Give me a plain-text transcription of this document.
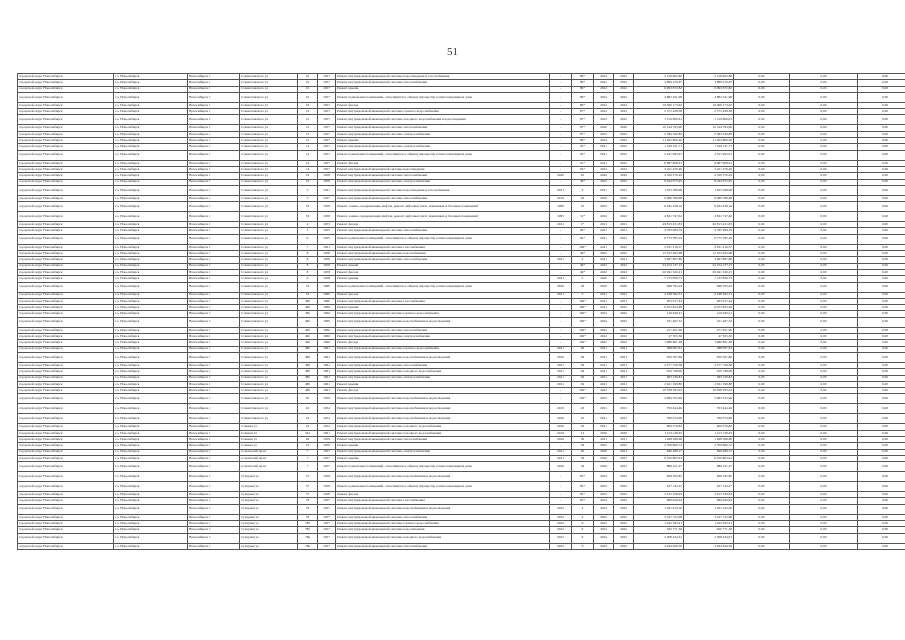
51
городской округ Новосибирск	г.о. Новосибирск	Новосибирск г	Станиславского ул	10	1957	Ремонт внутридомовой инженерной системы водоотведения и газоснабжения	-	89*	2022	2022	2 158 602,86	2 158 602,86	0,00	0,00	0,00
городской округ Новосибирск	г.о. Новосибирск	Новосибирск г	Станиславского ул	10	1957	Ремонт внутридомовой инженерной системы теплоснабжения	-	89*	2022	2022	3 899 276,67	3 899 276,67	0,00	0,00	0,00
городской округ Новосибирск	г.о. Новосибирск	Новосибирск г	Станиславского ул	10	1957	Ремонт крыши	-	89*	2022	2022	6 993 672,82	6 993 672,82	0,00	0,00	0,00
городской округ Новосибирск	г.о. Новосибирск	Новосибирск г	Станиславского ул	10	1957	Ремонт подвальных помещений, относящихся к общему имуществу в многоквартирном доме	-	89*	2022	2022	4 882 341,98	4 882 341,98	0,00	0,00	0,00
городской округ Новосибирск	г.о. Новосибирск	Новосибирск г	Станиславского ул	10	1957	Ремонт фасада	-	89*	2022	2022	16 560 173,62	16 560 173,62	0,00	0,00	0,00
городской округ Новосибирск	г.о. Новосибирск	Новосибирск г	Станиславского ул	12	1957	Ремонт внутридомовой инженерной системы горячего водоснабжения	-	87*	2022	2022	2 375 428,38	2 375 428,38	0,00	0,00	0,00
городской округ Новосибирск	г.о. Новосибирск	Новосибирск г	Станиславского ул	12	1957	Ремонт внутридомовой инженерной системы холодного водоснабжения и водоотведения	-	87*	2022	2022	1 319 809,61	1 319 809,61	0,00	0,00	0,00
городской округ Новосибирск	г.о. Новосибирск	Новосибирск г	Станиславского ул	12	1957	Ремонт внутридомовой инженерной системы теплоснабжения	-	87*	2020	2020	10 144 795,90	10 144 795,90	0,00	0,00	0,00
городской округ Новосибирск	г.о. Новосибирск	Новосибирск г	Станиславского ул	12	1957	Ремонт внутридомовой инженерной системы электроснабжения	-	87*	2022	2022	2 584 540,85	2 584 540,85	0,00	0,00	0,00
городской округ Новосибирск	г.о. Новосибирск	Новосибирск г	Станиславского ул	12	1957	Ремонт крыши	-	89*	2022	2022	11 262 806,46	11 262 806,46	0,00	0,00	0,00
городской округ Новосибирск	г.о. Новосибирск	Новосибирск г	Станиславского ул	14	1957	Ремонт внутридомовой инженерной системы электроснабжения	-	93*	2021	2022	1 529 211,71	1 529 211,71	0,00	0,00	0,00
городской округ Новосибирск	г.о. Новосибирск	Новосибирск г	Станиславского ул	14	1957	Ремонт подвальных помещений, относящихся к общему имуществу в многоквартирном доме	-	93*	2021	2022	2 161 993,91	2 161 993,91	0,00	0,00	0,00
городской округ Новосибирск	г.о. Новосибирск	Новосибирск г	Станиславского ул	14	1957	Ремонт фасада	-	91*	2021	2022	8 687 808,61	8 687 808,61	0,00	0,00	0,00
городской округ Новосибирск	г.о. Новосибирск	Новосибирск г	Станиславского ул	14	1957	Ремонт внутридомовой инженерной системы водоотведения	-	93*	2022	2022	3 421 476,49	3 421 476,49	0,00	0,00	0,00
городской округ Новосибирск	г.о. Новосибирск	Новосибирск г	Станиславского ул	19	1958	Ремонт внутридомовой инженерной системы теплоснабжения	2020	45	2020	2020	4 520 370,24	4 520 370,24	0,00	0,00	0,00
городской округ Новосибирск	г.о. Новосибирск	Новосибирск г	Станиславского ул	19	1958	Ремонт внутридомовой инженерной системы электроснабжения	-	46*	2022	2022	8 044 975,95	8 044 975,95	0,00	0,00	0,00
городской округ Новосибирск	г.о. Новосибирск	Новосибирск г	Станиславского ул	3	1941	Ремонт внутридомовой инженерной системы водоотведения и газоснабжения	2021	4	2021	2021	1 025 598,98	1 025 598,98	0,00	0,00	0,00
городской округ Новосибирск	г.о. Новосибирск	Новосибирск г	Станиславского ул	3	1937	Ремонт внутридомовой инженерной системы теплоснабжения	2019	26	2020	2020	9 086 598,98	9 086 598,98	0,00	0,00	0,00
городской округ Новосибирск	г.о. Новосибирск	Новосибирск г	Станиславского ул	33	1958	Ремонт, замена, модернизация лифтов, ремонт лифтовых шахт, машинных и блочных помещений	1996	25	2022	2022	9 642 428,16	9 642 428,16	0,00	0,00	0,00
городской округ Новосибирск	г.о. Новосибирск	Новосибирск г	Станиславского ул	33	1958	Ремонт, замена, модернизация лифтов, ремонт лифтовых шахт, машинных и блочных помещений	1995	31*	2022	2022	4 821 747,62	4 821 747,62	0,00	0,00	0,00
городской округ Новосибирск	г.о. Новосибирск	Новосибирск г	Станиславского ул	4	1953	Ремонт фасада	2021	1*	2021	2021	49 813 431,83	49 813 431,83	0,00	0,00	0,00
городской округ Новосибирск	г.о. Новосибирск	Новосибирск г	Станиславского ул	5	1955	Ремонт внутридомовой инженерной системы теплоснабжения	-	90*	2021	2021	4 785 984,79	4 785 984,79	0,00	0,00	0,00
городской округ Новосибирск	г.о. Новосибирск	Новосибирск г	Станиславского ул	6	1955	Ремонт подвальных помещений, относящихся к общему имуществу в многоквартирном доме	-	92*	2021	2021	6 775 785,19	6 775 785,19	0,00	0,00	0,00
городской округ Новосибирск	г.о. Новосибирск	Новосибирск г	Станиславского ул	7	1961	Ремонт внутридомовой инженерной системы газоснабжения	-	166*	2021	2022	2 931 216,57	2 931 216,57	0,00	0,00	0,00
городской округ Новосибирск	г.о. Новосибирск	Новосибирск г	Станиславского ул	8	1958	Ремонт внутридомовой инженерной системы водоснабжения	-	46*	2022	2022	12 553 465,98	12 553 465,98	0,00	0,00	0,00
городской округ Новосибирск	г.о. Новосибирск	Новосибирск г	Станиславского ул	8	1958	Ремонт внутридомовой инженерной системы теплоснабжения	2021	4	2021	2021	3 967 867,86	3 967 867,86	0,00	0,00	0,00
городской округ Новосибирск	г.о. Новосибирск	Новосибирск г	Станиславского ул	8	1958	Ремонт крыши	-	49*	2022	2022	24 274 137,15	24 274 137,15	0,00	0,00	0,00
городской округ Новосибирск	г.о. Новосибирск	Новосибирск г	Станиславского ул	8	1958	Ремонт фасада	-	49*	2022	2022	20 941 520,21	20 941 520,21	0,00	0,00	0,00
городской округ Новосибирск	г.о. Новосибирск	Новосибирск г	Станиславского ул	9	1958	Ремонт крыши	2021	5	2020	2021	7 135 856,73	7 135 856,73	0,00	0,00	0,00
городской округ Новосибирск	г.о. Новосибирск	Новосибирск г	Станиславского ул	16	1960	Ремонт подвальных помещений, относящихся к общему имуществу в многоквартирном доме	2020	36	2020	2020	998 763,24	998 763,24	0,00	0,00	0,00
городской округ Новосибирск	г.о. Новосибирск	Новосибирск г	Станиславского ул	16	1960	Ремонт фасада	2021	5	2021	2021	4 248 392,31	4 248 392,31	0,00	0,00	0,00
городской округ Новосибирск	г.о. Новосибирск	Новосибирск г	Станиславского ул	46б	1960	Ремонт внутридомовой инженерной системы газоснабжения	-	160*	2021	2021	263 917,44	263 917,44	0,00	0,00	0,00
городской округ Новосибирск	г.о. Новосибирск	Новосибирск г	Станиславского ул	46б	1960	Ремонт крыши	-	160*	2021	2022	6 072 823,48	6 072 823,48	0,00	0,00	0,00
городской округ Новосибирск	г.о. Новосибирск	Новосибирск г	Станиславского ул	46б	1960	Ремонт внутридомовой инженерной системы горячего водоснабжения	-	160*	2022	2022	126 640,21	126 640,21	0,00	0,00	0,00
городской округ Новосибирск	г.о. Новосибирск	Новосибирск г	Станиславского ул	46б	1960	Ремонт внутридомовой инженерной системы водоснабжения и водоотведения	-	160*	2022	2022	161 467,52	161 467,52	0,00	0,00	0,00
городской округ Новосибирск	г.о. Новосибирск	Новосибирск г	Станиславского ул	46б	1960	Ремонт внутридомовой инженерной системы теплоснабжения	-	160*	2022	2022	471 621,90	471 621,90	0,00	0,00	0,00
городской округ Новосибирск	г.о. Новосибирск	Новосибирск г	Станиславского ул	46б	1960	Ремонт внутридомовой инженерной системы электроснабжения	-	160*	2022	2022	47 505,36	47 505,36	0,00	0,00	0,00
городской округ Новосибирск	г.о. Новосибирск	Новосибирск г	Станиславского ул	46б	1960	Ремонт фасада	-	160*	2022	2022	1 980 861,28	1 980 861,28	0,00	0,00	0,00
городской округ Новосибирск	г.о. Новосибирск	Новосибирск г	Станиславского ул	48б	1961	Ремонт внутридомовой инженерной системы горячего водоснабжения	2021	49	2021	2021	388 097,61	388 097,61	0,00	0,00	0,00
городской округ Новосибирск	г.о. Новосибирск	Новосибирск г	Станиславского ул	48б	1961	Ремонт внутридомовой инженерной системы водоснабжения и водоотведения	2020	49	2021	2021	950 567,89	950 567,89	0,00	0,00	0,00
городской округ Новосибирск	г.о. Новосибирск	Новосибирск г	Станиславского ул	48б	1961	Ремонт внутридомовой инженерной системы теплоснабжения	2021	49	2021	2021	2 277 756,38	2 277 756,38	0,00	0,00	0,00
городской округ Новосибирск	г.о. Новосибирск	Новосибирск г	Станиславского ул	48б	1961	Ремонт внутридомовой инженерной системы холодного водоснабжения	2021	49	2021	2021	450 748,09	450 748,09	0,00	0,00	0,00
городской округ Новосибирск	г.о. Новосибирск	Новосибирск г	Станиславского ул	48б	1961	Ремонт внутридомовой инженерной системы электроснабжения	2021	49	2021	2021	483 136,81	483 136,81	0,00	0,00	0,00
городской округ Новосибирск	г.о. Новосибирск	Новосибирск г	Станиславского ул	48б	1961	Ремонт крыши	2021	49	2021	2021	2 921 199,80	2 921 199,80	0,00	0,00	0,00
городской округ Новосибирск	г.о. Новосибирск	Новосибирск г	Станиславского ул	48б	1961	Ремонт фасада	-	100*	2022	2022	10 038 595,03	10 038 595,03	0,00	0,00	0,00
городской округ Новосибирск	г.о. Новосибирск	Новосибирск г	Станиславского ул	50	1959	Ремонт внутридомовой инженерной системы водоснабжения и водоотведения	-	100*	2022	2022	2 983 525,99	2 983 525,99	0,00	0,00	0,00
городской округ Новосибирск	г.о. Новосибирск	Новосибирск г	Станиславского ул	42	1954	Ремонт внутридомовой инженерной системы водоснабжения и водоотведения	2019	26	2021	2021	793 444,46	793 444,46	0,00	0,00	0,00
городской округ Новосибирск	г.о. Новосибирск	Новосибирск г	Станиславского ул	43	1954	Ремонт внутридомовой инженерной системы водоснабжения и водоотведения	2020	25	2021	2021	780 074,06	780 074,06	0,00	0,00	0,00
городской округ Новосибирск	г.о. Новосибирск	Новосибирск г	Станкая ул	43	1954	Ремонт внутридомовой инженерной системы холодного водоснабжения	2020	26	2021	2021	606 376,82	606 376,82	0,00	0,00	0,00
городской округ Новосибирск	г.о. Новосибирск	Новосибирск г	Станкая ул	343	1961	Ремонт внутридомовой инженерной системы холодного водоснабжения	2019	13	2020	2020	1 123 128,45	1 123 128,45	0,00	0,00	0,00
городской округ Новосибирск	г.о. Новосибирск	Новосибирск г	Станкая ул	62	1959	Ремонт внутридомовой инженерной системы теплоснабжения	2020	36	2021	2021	1 498 568,60	1 498 568,60	0,00	0,00	0,00
городской округ Новосибирск	г.о. Новосибирск	Новосибирск г	Станкая ул	23	1959	Ремонт крыши	-	56	2022	2022	2 709 806,72	2 709 806,72	0,00	0,00	0,00
городской округ Новосибирск	г.о. Новосибирск	Новосибирск г	Строителей пр-кт	7	1957	Ремонт внутридомовой инженерной системы электроснабжения	2021	40	2020	2021	846 489,17	846 489,17	0,00	0,00	0,00
городской округ Новосибирск	г.о. Новосибирск	Новосибирск г	Строителей пр-кт	7	1957	Ремонт крыши	2021	36	2020	2021	6 100 803,91	6 100 803,91	0,00	0,00	0,00
городской округ Новосибирск	г.о. Новосибирск	Новосибирск г	Строителей пр-кт	7	1957	Ремонт подвальных помещений, относящихся к общему имуществу в многоквартирном доме	2020	36	2020	2021	889 411,27	889 411,27	0,00	0,00	0,00
городской округ Новосибирск	г.о. Новосибирск	Новосибирск г	Сухарная ул	37	1958	Ремонт внутридомовой инженерной системы водоснабжения и водоотведения	-	85*	2022	2022	828 182,85	828 182,85	0,00	0,00	0,00
городской округ Новосибирск	г.о. Новосибирск	Новосибирск г	Сухарная ул	37	1958	Ремонт подвальных помещений, относящихся к общему имуществу в многоквартирном доме	-	85*	2022	2022	437 142,27	437 142,27	0,00	0,00	0,00
городской округ Новосибирск	г.о. Новосибирск	Новосибирск г	Сухарная ул	37	1958	Ремонт фасада	-	85*	2022	2022	2 915 336,94	2 915 336,94	0,00	0,00	0,00
городской округ Новосибирск	г.о. Новосибирск	Новосибирск г	Сухарная ул	78	1957	Ремонт внутридомовой инженерной системы газоснабжения	-	85*	2022	2022	680 940,94	680 940,94	0,00	0,00	0,00
городской округ Новосибирск	г.о. Новосибирск	Новосибирск г	Сухарная ул	78	1957	Ремонт внутридомовой инженерной системы водоснабжения и водоотведения	2022	4	2022	2022	1 931 232,50	1 931 232,50	0,00	0,00	0,00
городской округ Новосибирск	г.о. Новосибирск	Новосибирск г	Сухарная ул	78	1957	Ремонт внутридомовой инженерной системы теплоснабжения	2022	4	2022	2022	3 347 722,98	3 347 722,98	0,00	0,00	0,00
городской округ Новосибирск	г.о. Новосибирск	Новосибирск г	Сухарная ул	78б	1957	Ремонт внутридомовой инженерной системы горячего водоснабжения	2022	6	2022	2022	1 042 593,41	1 042 593,41	0,00	0,00	0,00
городской округ Новосибирск	г.о. Новосибирск	Новосибирск г	Сухарная ул	78б	1957	Ремонт внутридомовой инженерной системы водоотведения	2022	6	2022	2022	620 771,36	620 771,36	0,00	0,00	0,00
городской округ Новосибирск	г.о. Новосибирск	Новосибирск г	Сухарная ул	78в	1957	Ремонт внутридомовой инженерной системы холодного водоснабжения	2022	6	2022	2022	2 308 434,91	2 308 434,91	0,00	0,00	0,00
городской округ Новосибирск	г.о. Новосибирск	Новосибирск г	Сухарная ул	78в	1957	Ремонт внутридомовой инженерной системы теплоснабжения	2022	6	2022	2022	3 044 626,39	3 044 626,39	0,00	0,00	0,00
